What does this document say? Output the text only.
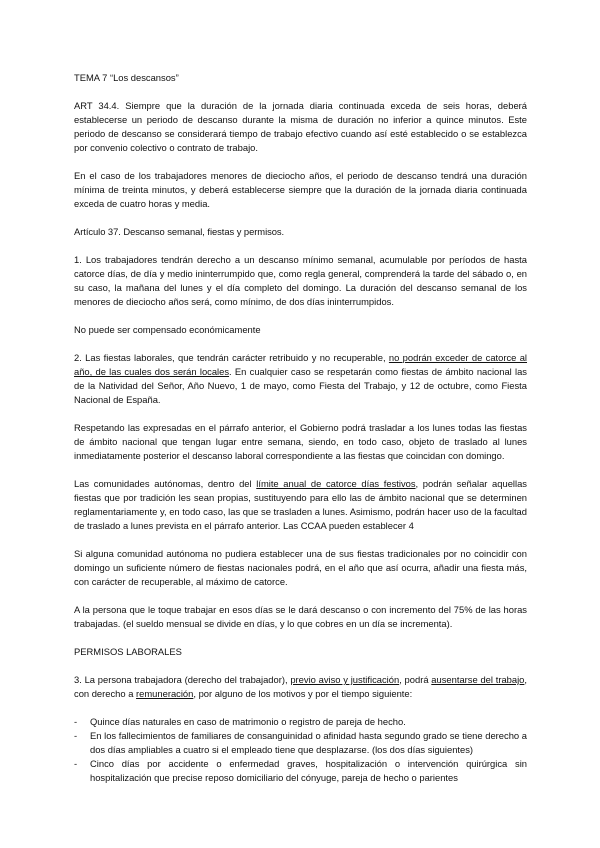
TEMA 7 “Los descansos”

ART 34.4. Siempre que la duración de la jornada diaria continuada exceda de seis horas, deberá establecerse un periodo de descanso durante la misma de duración no inferior a quince minutos. Este periodo de descanso se considerará tiempo de trabajo efectivo cuando así esté establecido o se establezca por convenio colectivo o contrato de trabajo.

En el caso de los trabajadores menores de dieciocho años, el periodo de descanso tendrá una duración mínima de treinta minutos, y deberá establecerse siempre que la duración de la jornada diaria continuada exceda de cuatro horas y media.

Artículo 37. Descanso semanal, fiestas y permisos.

1. Los trabajadores tendrán derecho a un descanso mínimo semanal, acumulable por períodos de hasta catorce días, de día y medio ininterrumpido que, como regla general, comprenderá la tarde del sábado o, en su caso, la mañana del lunes y el día completo del domingo. La duración del descanso semanal de los menores de dieciocho años será, como mínimo, de dos días ininterrumpidos.

No puede ser compensado económicamente

2. Las fiestas laborales, que tendrán carácter retribuido y no recuperable, no podrán exceder de catorce al año, de las cuales dos serán locales. En cualquier caso se respetarán como fiestas de ámbito nacional las de la Natividad del Señor, Año Nuevo, 1 de mayo, como Fiesta del Trabajo, y 12 de octubre, como Fiesta Nacional de España.

Respetando las expresadas en el párrafo anterior, el Gobierno podrá trasladar a los lunes todas las fiestas de ámbito nacional que tengan lugar entre semana, siendo, en todo caso, objeto de traslado al lunes inmediatamente posterior el descanso laboral correspondiente a las fiestas que coincidan con domingo.

Las comunidades autónomas, dentro del límite anual de catorce días festivos, podrán señalar aquellas fiestas que por tradición les sean propias, sustituyendo para ello las de ámbito nacional que se determinen reglamentariamente y, en todo caso, las que se trasladen a lunes. Asimismo, podrán hacer uso de la facultad de traslado a lunes prevista en el párrafo anterior. Las CCAA pueden establecer 4

Si alguna comunidad autónoma no pudiera establecer una de sus fiestas tradicionales por no coincidir con domingo un suficiente número de fiestas nacionales podrá, en el año que así ocurra, añadir una fiesta más, con carácter de recuperable, al máximo de catorce.

A la persona que le toque trabajar en esos días se le dará descanso o con incremento del 75% de las horas trabajadas. (el sueldo mensual se divide en días, y lo que cobres en un día se incrementa).

PERMISOS LABORALES

3. La persona trabajadora (derecho del trabajador), previo aviso y justificación, podrá ausentarse del trabajo, con derecho a remuneración, por alguno de los motivos y por el tiempo siguiente:

- Quince días naturales en caso de matrimonio o registro de pareja de hecho.
- En los fallecimientos de familiares de consanguinidad o afinidad hasta segundo grado se tiene derecho a dos días ampliables a cuatro si el empleado tiene que desplazarse. (los dos días siguientes)
- Cinco días por accidente o enfermedad graves, hospitalización o intervención quirúrgica sin hospitalización que precise reposo domiciliario del cónyuge, pareja de hecho o parientes
